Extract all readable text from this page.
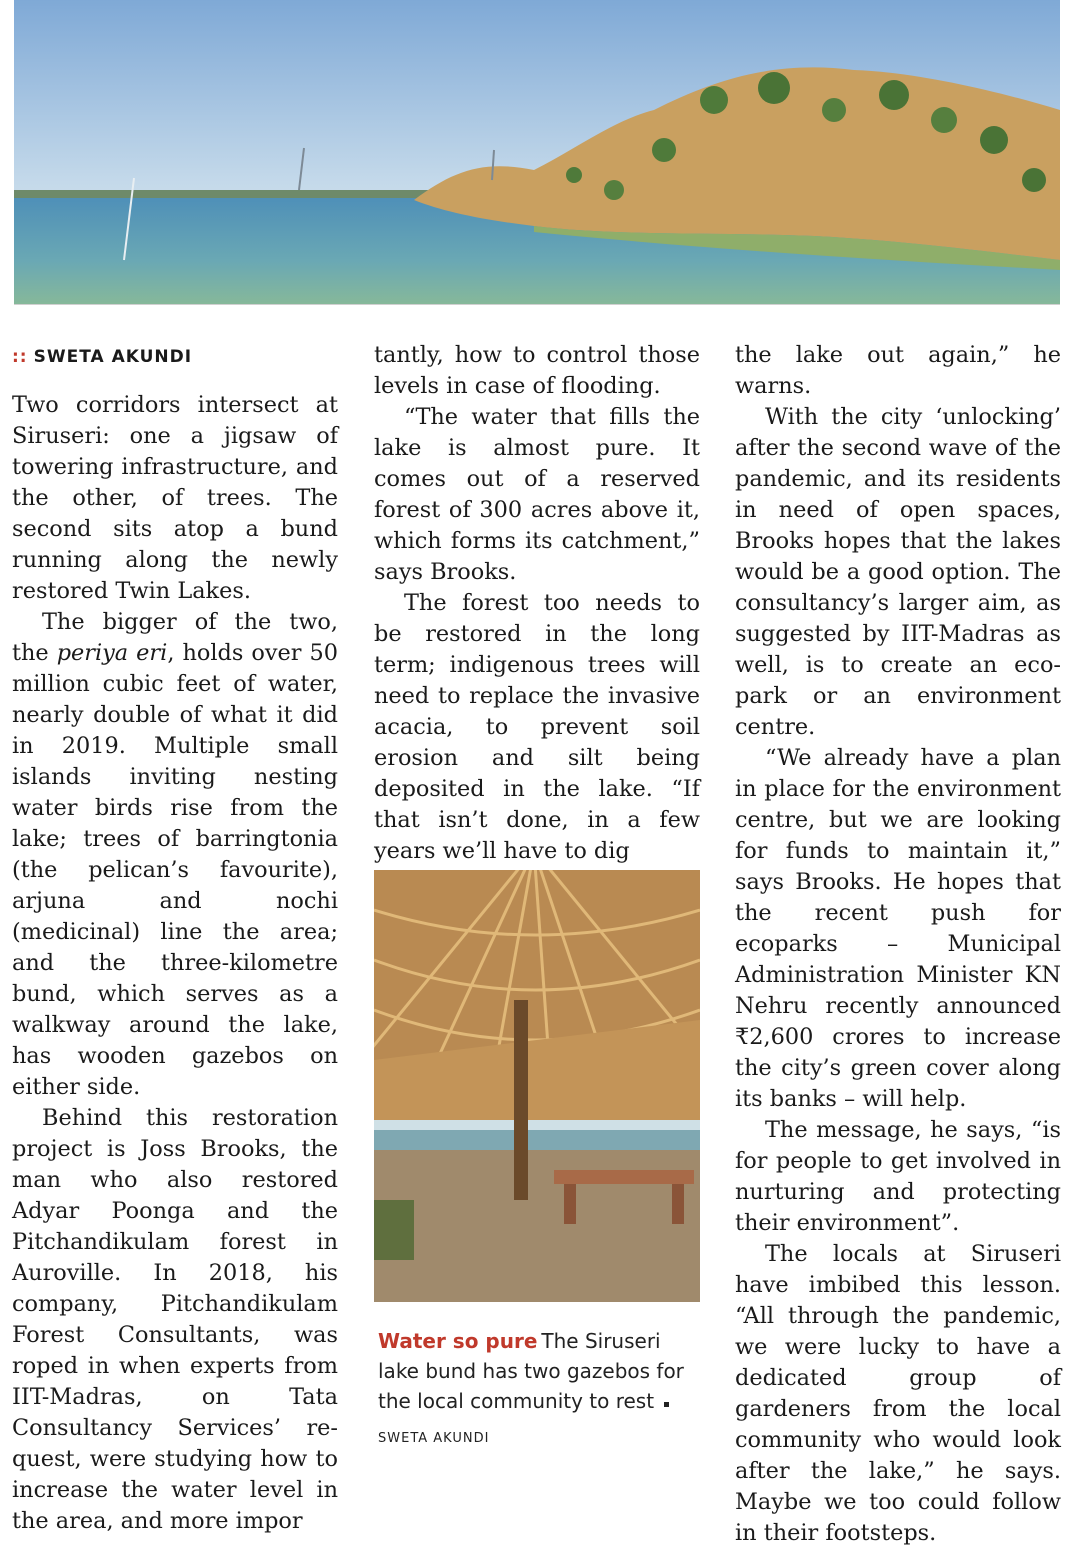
:: SWETA AKUNDI

Two corridors intersect at Siruseri: one a jigsaw of towering infrastructure, and the other, of trees. The second sits atop a bund running along the newly restored Twin Lakes.

The bigger of the two, the periya eri, holds over 50 million cubic feet of water, nearly double of what it did in 2019. Multiple small islands inviting nesting water birds rise from the lake; trees of barringtonia (the pelican’s favourite), arjuna and nochi (medicinal) line the area; and the three-kilometre bund, which serves as a walkway around the lake, has wooden gazebos on either side.

Behind this restoration project is Joss Brooks, the man who also restored Adyar Poonga and the Pitchandikulam forest in Auroville. In 2018, his company, Pitchandikulam Forest Consultants, was roped in when experts from IIT-Madras, on Tata Consultancy Services’ request, were studying how to increase the water level in the area, and more impor

tantly, how to control those levels in case of flooding.

“The water that fills the lake is almost pure. It comes out of a reserved forest of 300 acres above it, which forms its catchment,” says Brooks.

The forest too needs to be restored in the long term; indigenous trees will need to replace the invasive acacia, to prevent soil erosion and silt being deposited in the lake. “If that isn’t done, in a few years we’ll have to dig

Water so pure The Siruseri lake bund has two gazebos for the local community to restSWETA AKUNDI

the lake out again,” he warns.

With the city ‘unlocking’ after the second wave of the pandemic, and its residents in need of open spaces, Brooks hopes that the lakes would be a good option. The consultancy’s larger aim, as suggested by IIT-Madras as well, is to create an eco-park or an environment centre.

“We already have a plan in place for the environment centre, but we are looking for funds to maintain it,” says Brooks. He hopes that the recent push for ecoparks – Municipal Administration Minister KN Nehru recently announced ₹2,600 crores to increase the city’s green cover along its banks – will help.

The message, he says, “is for people to get involved in nurturing and protecting their environment”.

The locals at Siruseri have imbibed this lesson. “All through the pandemic, we were lucky to have a dedicated group of gardeners from the local community who would look after the lake,” he says. Maybe we too could follow in their footsteps.
